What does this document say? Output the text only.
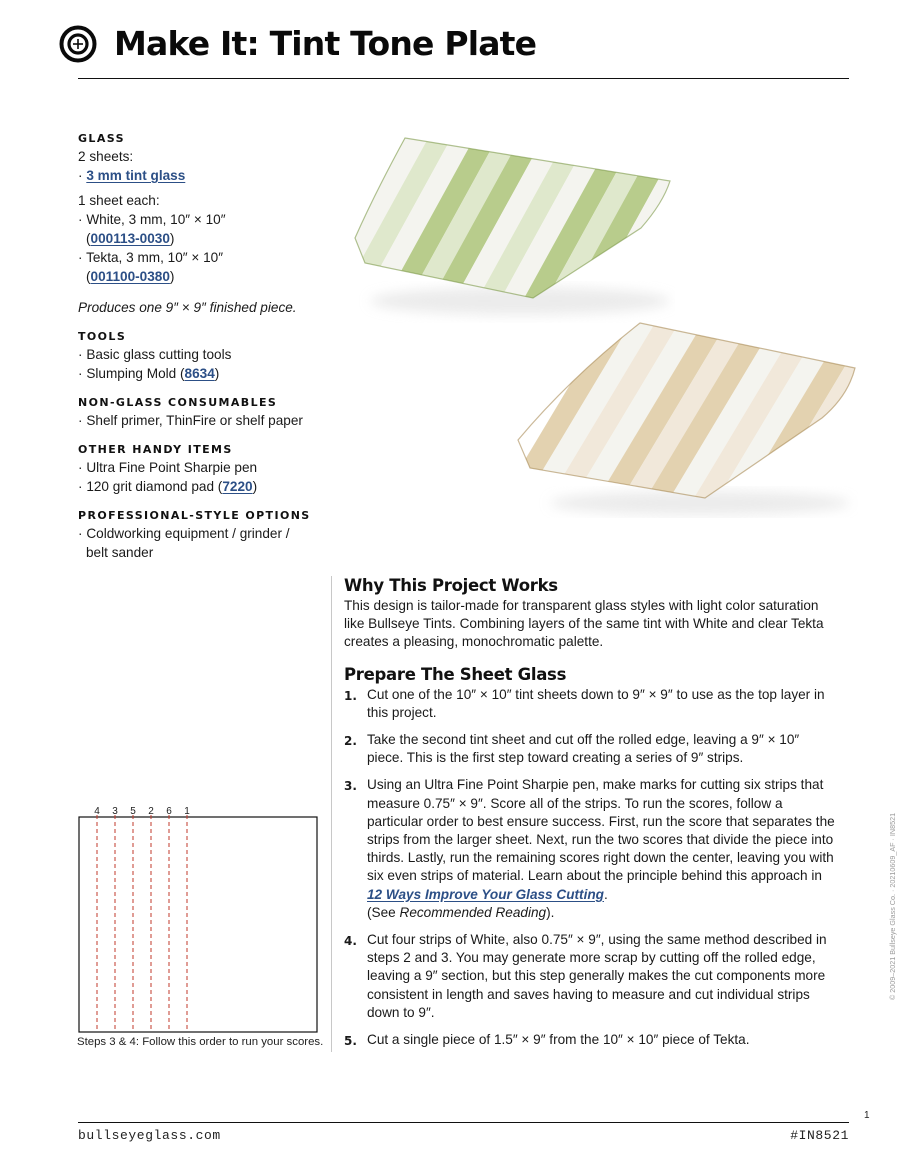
Make It: Tint Tone Plate

GLASS

2 sheets:

· 3 mm tint glass

1 sheet each:

· White, 3 mm, 10″ × 10″

(000113-0030)

· Tekta, 3 mm, 10″ × 10″

(001100-0380)

Produces one 9″ × 9″ finished piece.

TOOLS

· Basic glass cutting tools

· Slumping Mold (8634)

NON-GLASS CONSUMABLES

· Shelf primer, ThinFire or shelf paper

OTHER HANDY ITEMS

· Ultra Fine Point Sharpie pen

· 120 grit diamond pad (7220)

PROFESSIONAL-STYLE OPTIONS

· Coldworking equipment / grinder /

belt sander

Why This Project Works

This design is tailor-made for transparent glass styles with light color saturation like Bullseye Tints. Combining layers of the same tint with White and clear Tekta creates a pleasing, monochromatic palette.

Prepare The Sheet Glass
1. Cut one of the 10″ × 10″ tint sheets down to 9″ × 9″ to use as the top layer in this project.
2. Take the second tint sheet and cut off the rolled edge, leaving a 9″ × 10″ piece. This is the first step toward creating a series of 9″ strips.
3. Using an Ultra Fine Point Sharpie pen, make marks for cutting six strips that measure 0.75″ × 9″. Score all of the strips. To run the scores, follow a particular order to best ensure success. First, run the score that separates the strips from the larger sheet. Next, run the two scores that divide the piece into thirds. Lastly, run the remaining scores right down the center, leaving you with six even strips of material. Learn about the principle behind this approach in 12 Ways Improve Your Glass Cutting.
(See Recommended Reading).
4. Cut four strips of White, also 0.75″ × 9″, using the same method described in steps 2 and 3. You may generate more scrap by cutting off the rolled edge, leaving a 9″ section, but this step generally makes the cut components more consistent in length and saves having to measure and cut individual strips down to 9″.
5. Cut a single piece of 1.5″ × 9″ from the 10″ × 10″ piece of Tekta.
4 3 5 2 6 1
Steps 3 & 4: Follow this order to run your scores.
© 2009–2021 Bullseye Glass Co. · 20210609_AF · IN8521
1
bullseyeglass.com	#IN8521
